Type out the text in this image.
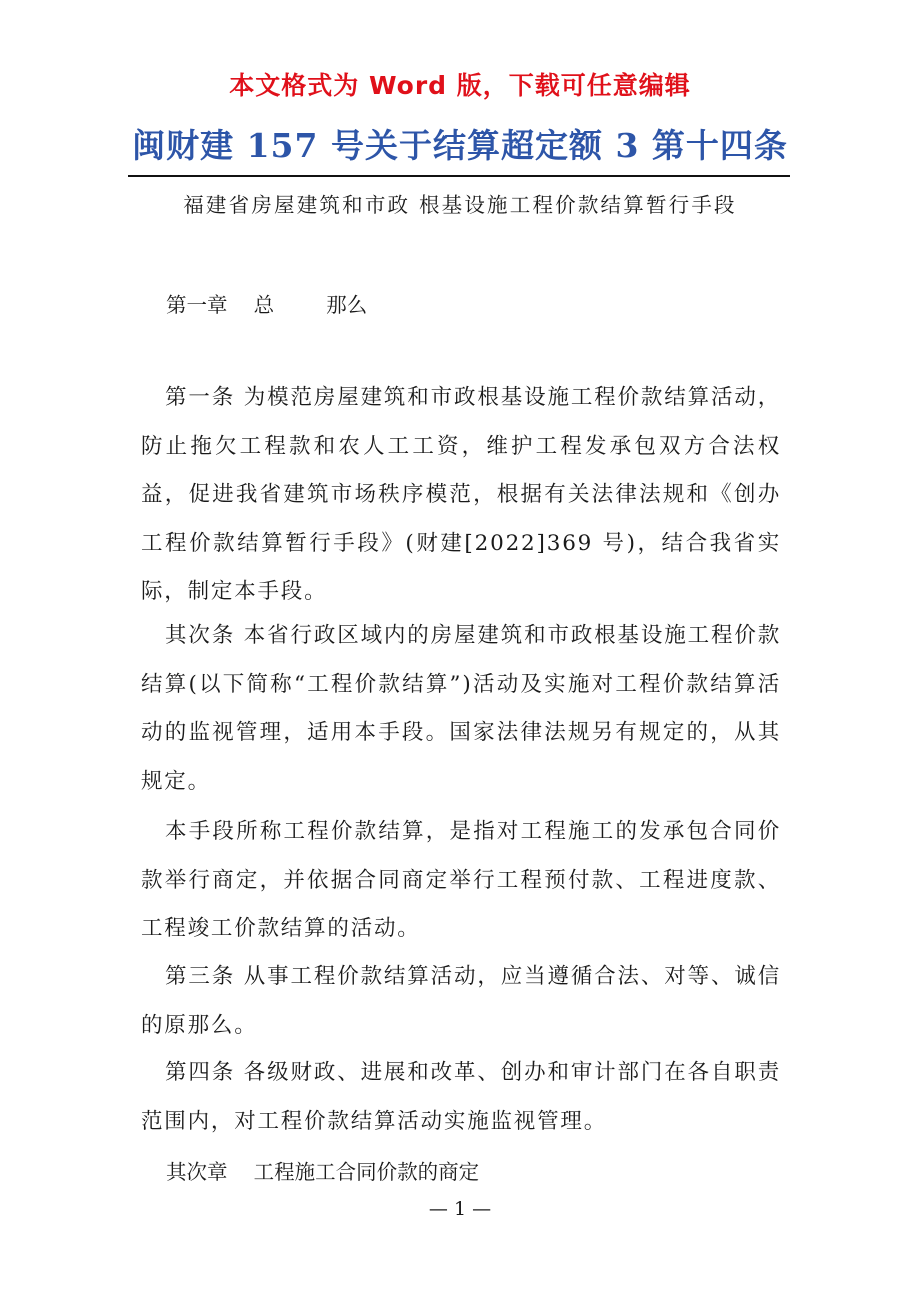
本文格式为 Word 版，下载可任意编辑
闽财建 157 号关于结算超定额 3 第十四条
福建省房屋建筑和市政 根基设施工程价款结算暂行手段
第一章    总        那么
第一条 为模范房屋建筑和市政根基设施工程价款结算活动，防止拖欠工程款和农人工工资，维护工程发承包双方合法权益，促进我省建筑市场秩序模范，根据有关法律法规和《创办工程价款结算暂行手段》(财建[2022]369 号)，结合我省实际，制定本手段。
其次条 本省行政区域内的房屋建筑和市政根基设施工程价款结算(以下简称“工程价款结算”)活动及实施对工程价款结算活动的监视管理，适用本手段。国家法律法规另有规定的，从其规定。
本手段所称工程价款结算，是指对工程施工的发承包合同价款举行商定，并依据合同商定举行工程预付款、工程进度款、工程竣工价款结算的活动。
第三条 从事工程价款结算活动，应当遵循合法、对等、诚信的原那么。
第四条 各级财政、进展和改革、创办和审计部门在各自职责范围内，对工程价款结算活动实施监视管理。
其次章    工程施工合同价款的商定
— 1 —
